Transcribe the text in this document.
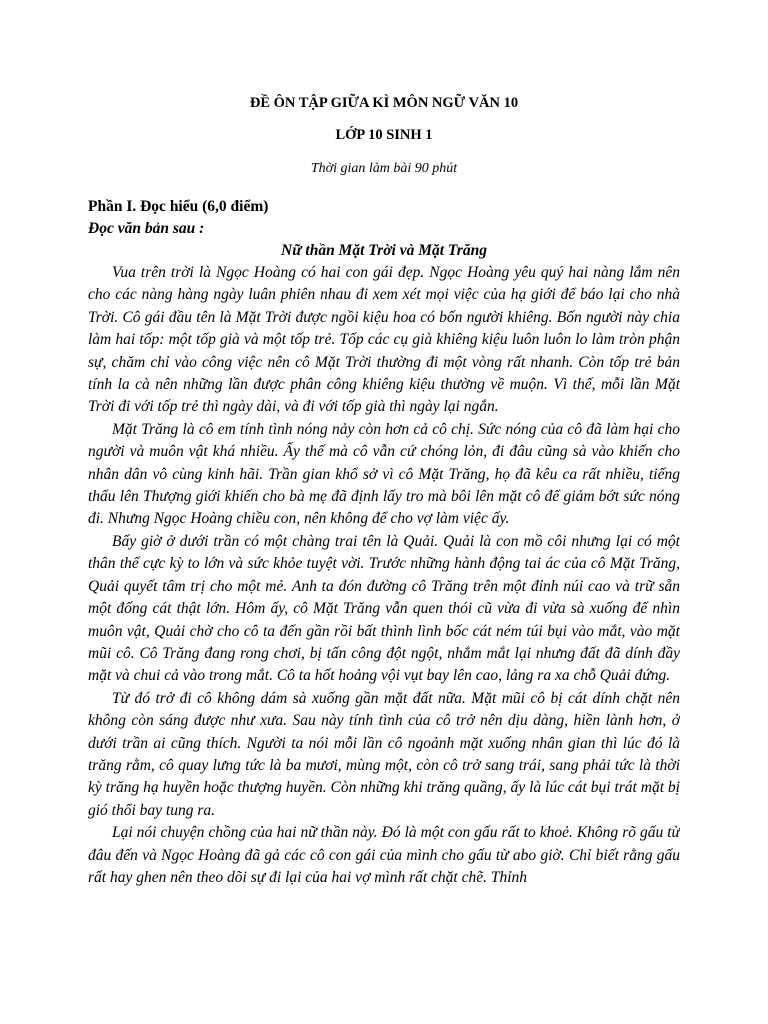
ĐỀ ÔN TẬP GIỮA KÌ MÔN NGỮ VĂN 10

LỚP 10 SINH 1

Thời gian làm bài 90 phút

Phần I. Đọc hiểu (6,0 điểm)

Đọc văn bản sau :

Nữ thần Mặt Trời và Mặt Trăng

Vua trên trời là Ngọc Hoàng có hai con gái đẹp. Ngọc Hoàng yêu quý hai nàng lắm nên cho các nàng hàng ngày luân phiên nhau đi xem xét mọi việc của hạ giới để báo lại cho nhà Trời. Cô gái đầu tên là Mặt Trời được ngồi kiệu hoa có bốn người khiêng. Bốn người này chia làm hai tốp: một tốp già và một tốp trẻ. Tốp các cụ già khiêng kiệu luôn luôn lo làm tròn phận sự, chăm chỉ vào công việc nên cô Mặt Trời thường đi một vòng rất nhanh. Còn tốp trẻ bản tính la cà nên những lần được phân công khiêng kiệu thường về muộn. Vì thế, mỗi lần Mặt Trời đi với tốp trẻ thì ngày dài, và đi với tốp già thì ngày lại ngắn.

Mặt Trăng là cô em tính tình nóng nảy còn hơn cả cô chị. Sức nóng của cô đã làm hại cho người và muôn vật khá nhiều. Ấy thế mà cô vẫn cứ chóng lỏn, đi đâu cũng sà vào khiến cho nhân dân vô cùng kinh hãi. Trần gian khổ sở vì cô Mặt Trăng, họ đã kêu ca rất nhiều, tiếng thấu lên Thượng giới khiến cho bà mẹ đã định lấy tro mà bôi lên mặt cô để giảm bớt sức nóng đi. Nhưng Ngọc Hoàng chiều con, nên không để cho vợ làm việc ấy.

Bấy giờ ở dưới trần có một chàng trai tên là Quải. Quải là con mồ côi nhưng lại có một thân thể cực kỳ to lớn và sức khỏe tuyệt vời. Trước những hành động tai ác của cô Mặt Trăng, Quải quyết tâm trị cho một mẻ. Anh ta đón đường cô Trăng trên một đỉnh núi cao và trữ sẵn một đống cát thật lớn. Hôm ấy, cô Mặt Trăng vẫn quen thói cũ vừa đi vừa sà xuống để nhìn muôn vật, Quải chờ cho cô ta đến gần rồi bất thình lình bốc cát ném túi bụi vào mắt, vào mặt mũi cô. Cô Trăng đang rong chơi, bị tấn công đột ngột, nhắm mắt lại nhưng đất đã dính đầy mặt và chui cả vào trong mắt. Cô ta hốt hoảng vội vụt bay lên cao, lảng ra xa chỗ Quải đứng.

Từ đó trở đi cô không dám sà xuống gần mặt đất nữa. Mặt mũi cô bị cát dính chặt nên không còn sáng được như xưa. Sau này tính tình của cô trở nên dịu dàng, hiền lành hơn, ở dưới trần ai cũng thích. Người ta nói mỗi lần cô ngoảnh mặt xuống nhân gian thì lúc đó là trăng rằm, cô quay lưng tức là ba mươi, mùng một, còn cô trở sang trái, sang phải tức là thời kỳ trăng hạ huyền hoặc thượng huyền. Còn những khi trăng quầng, ấy là lúc cát bụi trát mặt bị gió thổi bay tung ra.

Lại nói chuyện chồng của hai nữ thần này. Đó là một con gấu rất to khoẻ. Không rõ gấu từ đâu đến và Ngọc Hoàng đã gả các cô con gái của mình cho gấu từ abo giờ. Chỉ biết rằng gấu rất hay ghen nên theo dõi sự đi lại của hai vợ mình rất chặt chẽ. Thỉnh
